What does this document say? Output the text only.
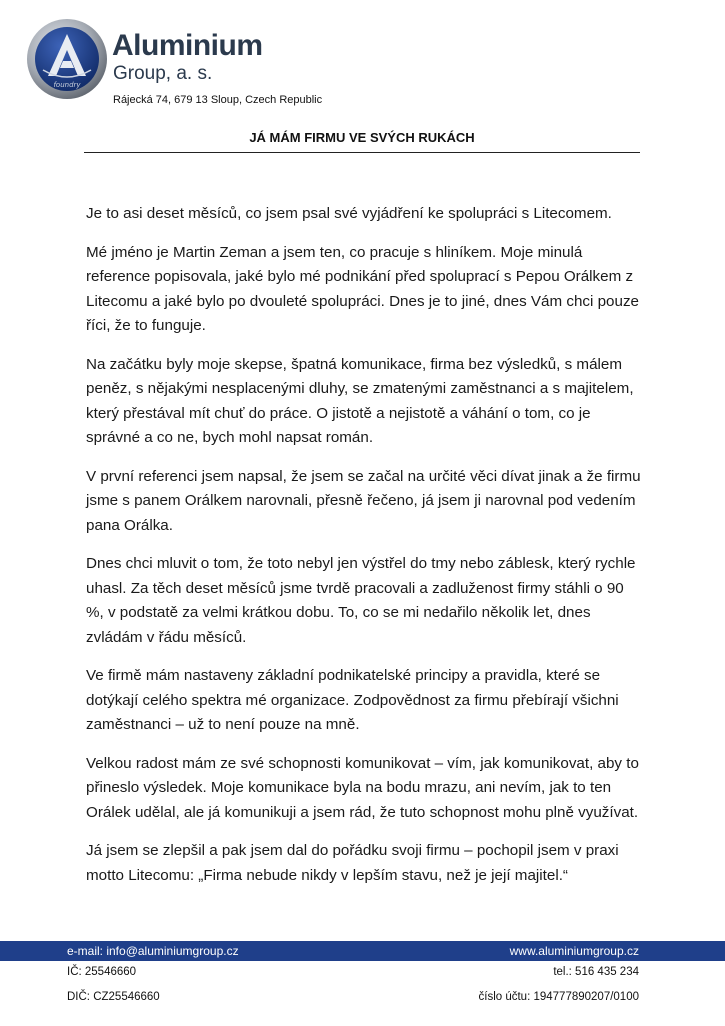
foundry
Aluminium
Group, a. s.
Rájecká 74, 679 13 Sloup, Czech Republic
JÁ MÁM FIRMU VE SVÝCH RUKÁCH

Je to asi deset měsíců, co jsem psal své vyjádření ke spolupráci s Litecomem.

Mé jméno je Martin Zeman a jsem ten, co pracuje s hliníkem. Moje minulá reference popisovala, jaké bylo mé podnikání před spoluprací s Pepou Orálkem z Litecomu a jaké bylo po dvouleté spolupráci. Dnes je to jiné, dnes Vám chci pouze říci, že to funguje.

Na začátku byly moje skepse, špatná komunikace, firma bez výsledků, s málem peněz, s nějakými nesplacenými dluhy, se zmatenými zaměstnanci a s majitelem, který přestával mít chuť do práce. O jistotě a nejistotě a váhání o tom, co je správné a co ne, bych mohl napsat román.

V první referenci jsem napsal, že jsem se začal na určité věci dívat jinak a že firmu jsme s panem Orálkem narovnali, přesně řečeno, já jsem ji narovnal pod vedením pana Orálka.

Dnes chci mluvit o tom, že toto nebyl jen výstřel do tmy nebo záblesk, který rychle uhasl. Za těch deset měsíců jsme tvrdě pracovali a zadluženost firmy stáhli o 90 %, v podstatě za velmi krátkou dobu. To, co se mi nedařilo několik let, dnes zvládám v řádu měsíců.

Ve firmě mám nastaveny základní podnikatelské principy a pravidla, které se dotýkají celého spektra mé organizace. Zodpovědnost za firmu přebírají všichni zaměstnanci – už to není pouze na mně.

Velkou radost mám ze své schopnosti komunikovat – vím, jak komunikovat, aby to přineslo výsledek. Moje komunikace byla na bodu mrazu, ani nevím, jak to ten Orálek udělal, ale já komunikuji a jsem rád, že tuto schopnost mohu plně využívat.

Já jsem se zlepšil a pak jsem dal do pořádku svoji firmu – pochopil jsem v praxi motto Litecomu: „Firma nebude nikdy v lepším stavu, než je její majitel.“

e-mail: info@aluminiumgroup.cz	www.aluminiumgroup.cz
IČ: 25546660	tel.: 516 435 234
DIČ: CZ25546660	číslo účtu: 194777890207/0100
